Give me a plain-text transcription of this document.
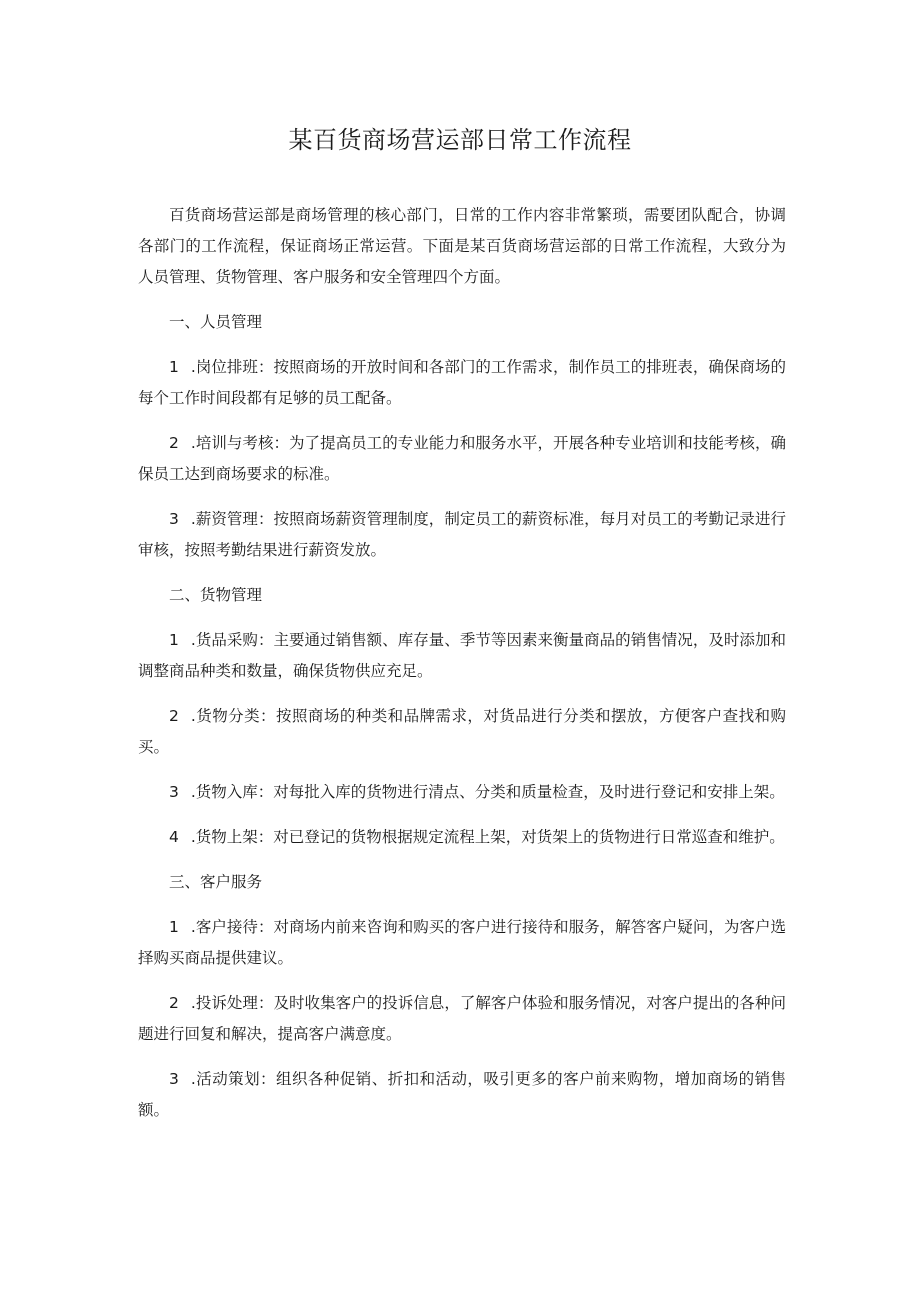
某百货商场营运部日常工作流程

百货商场营运部是商场管理的核心部门，日常的工作内容非常繁琐，需要团队配合，协调各部门的工作流程，保证商场正常运营。下面是某百货商场营运部的日常工作流程，大致分为人员管理、货物管理、客户服务和安全管理四个方面。

一、人员管理

1 .岗位排班：按照商场的开放时间和各部门的工作需求，制作员工的排班表，确保商场的每个工作时间段都有足够的员工配备。

2 .培训与考核：为了提高员工的专业能力和服务水平，开展各种专业培训和技能考核，确保员工达到商场要求的标准。

3 .薪资管理：按照商场薪资管理制度，制定员工的薪资标准，每月对员工的考勤记录进行审核，按照考勤结果进行薪资发放。

二、货物管理

1 .货品采购：主要通过销售额、库存量、季节等因素来衡量商品的销售情况，及时添加和调整商品种类和数量，确保货物供应充足。

2 .货物分类：按照商场的种类和品牌需求，对货品进行分类和摆放，方便客户查找和购买。

3 .货物入库：对每批入库的货物进行清点、分类和质量检查，及时进行登记和安排上架。

4 .货物上架：对已登记的货物根据规定流程上架，对货架上的货物进行日常巡查和维护。

三、客户服务

1 .客户接待：对商场内前来咨询和购买的客户进行接待和服务，解答客户疑问，为客户选择购买商品提供建议。

2 .投诉处理：及时收集客户的投诉信息，了解客户体验和服务情况，对客户提出的各种问题进行回复和解决，提高客户满意度。

3 .活动策划：组织各种促销、折扣和活动，吸引更多的客户前来购物，增加商场的销售额。
